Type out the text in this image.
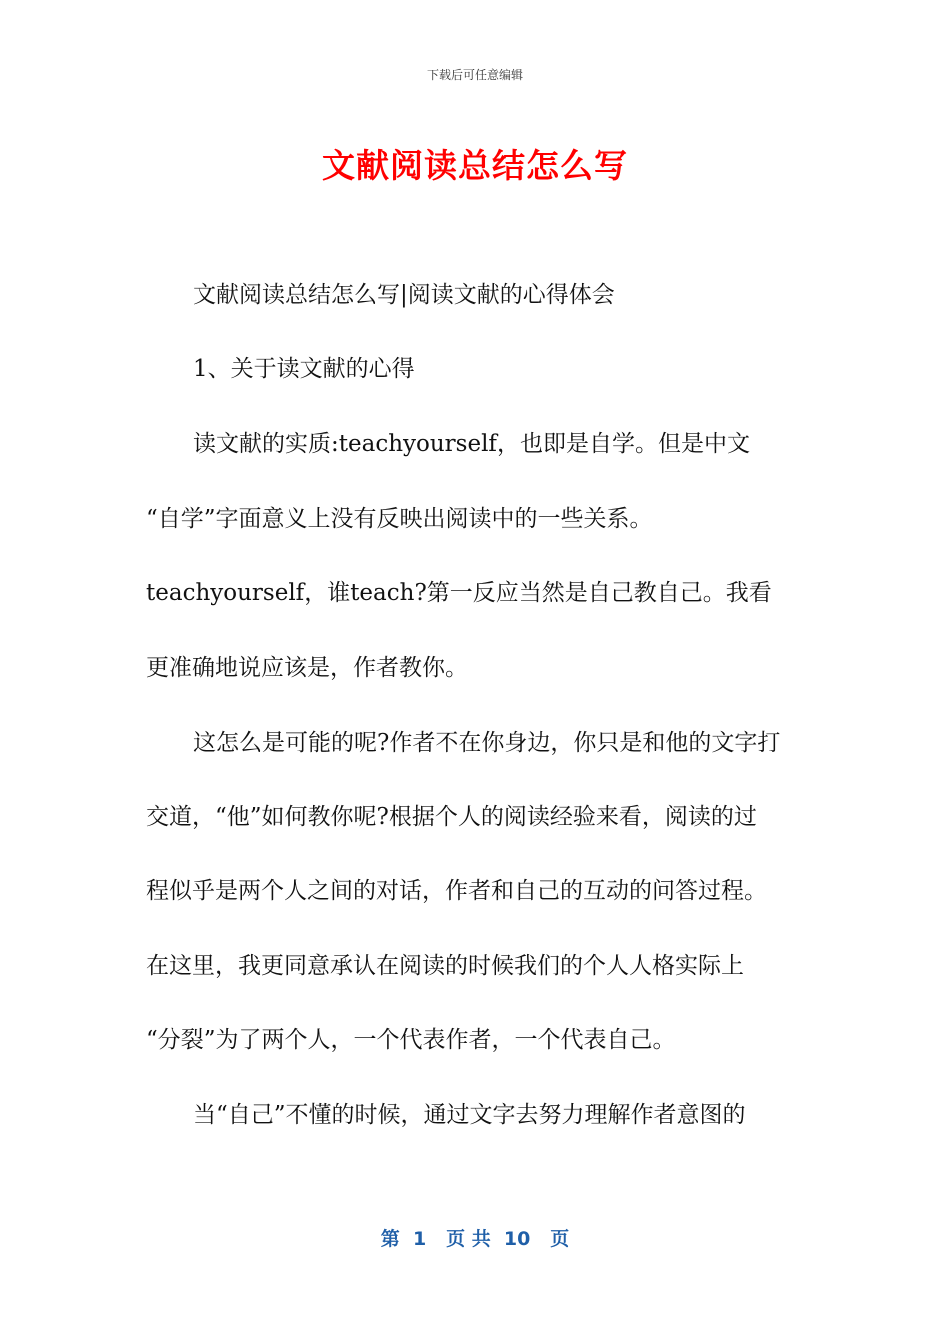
下载后可任意编辑
文献阅读总结怎么写
文献阅读总结怎么写|阅读文献的心得体会
1、关于读文献的心得
读文献的实质:teachyourself，也即是自学。但是中文
“自学”字面意义上没有反映出阅读中的一些关系。
teachyourself，谁teach?第一反应当然是自己教自己。我看
更准确地说应该是，作者教你。
这怎么是可能的呢?作者不在你身边，你只是和他的文字打
交道，“他”如何教你呢?根据个人的阅读经验来看，阅读的过
程似乎是两个人之间的对话，作者和自己的互动的问答过程。
在这里，我更同意承认在阅读的时候我们的个人人格实际上
“分裂”为了两个人，一个代表作者，一个代表自己。
当“自己”不懂的时候，通过文字去努力理解作者意图的
第  1   页 共  10   页
